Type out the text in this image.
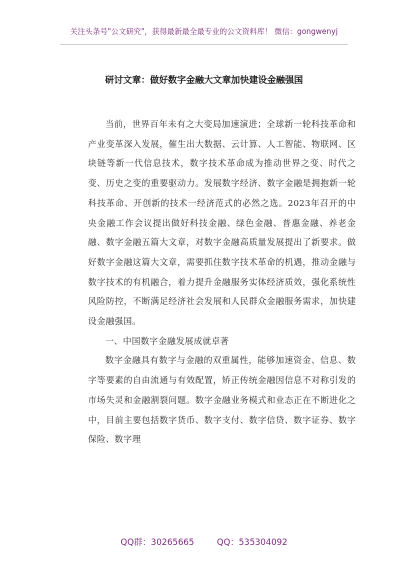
关注头条号"公文研究"，获得最新最全最专业的公文资料库！ 微信：gongwenyj
研讨文章：做好数字金融大文章加快建设金融强国

当前，世界百年未有之大变局加速演进；全球新一轮科技革命和产业变革深入发展，催生出大数据、云计算、人工智能、物联网、区块链等新一代信息技术，数字技术革命成为推动世界之变、时代之变、历史之变的重要驱动力。发展数字经济、数字金融是拥抱新一轮科技革命、开创新的技术一经济范式的必然之选。2023年召开的中央金融工作会议提出做好科技金融、绿色金融、普惠金融、养老金融、数字金融五篇大文章，对数字金融高质量发展提出了新要求。做好数字金融这篇大文章，需要抓住数字技术革命的机遇，推动金融与数字技术的有机融合，着力提升金融服务实体经济质效，强化系统性风险防控，不断满足经济社会发展和人民群众金融服务需求，加快建设金融强国。

一、中国数字金融发展成就卓著

数字金融具有数字与金融的双重属性，能够加速资金、信息、数字等要素的自由流通与有效配置，矫正传统金融因信息不对称引发的市场失灵和金融割裂问题。数字金融业务模式和业态正在不断进化之中，目前主要包括数字货币、数字支付、数字信贷、数字证券、数字保险、数字理

QQ群：30265665	QQ：535304092
